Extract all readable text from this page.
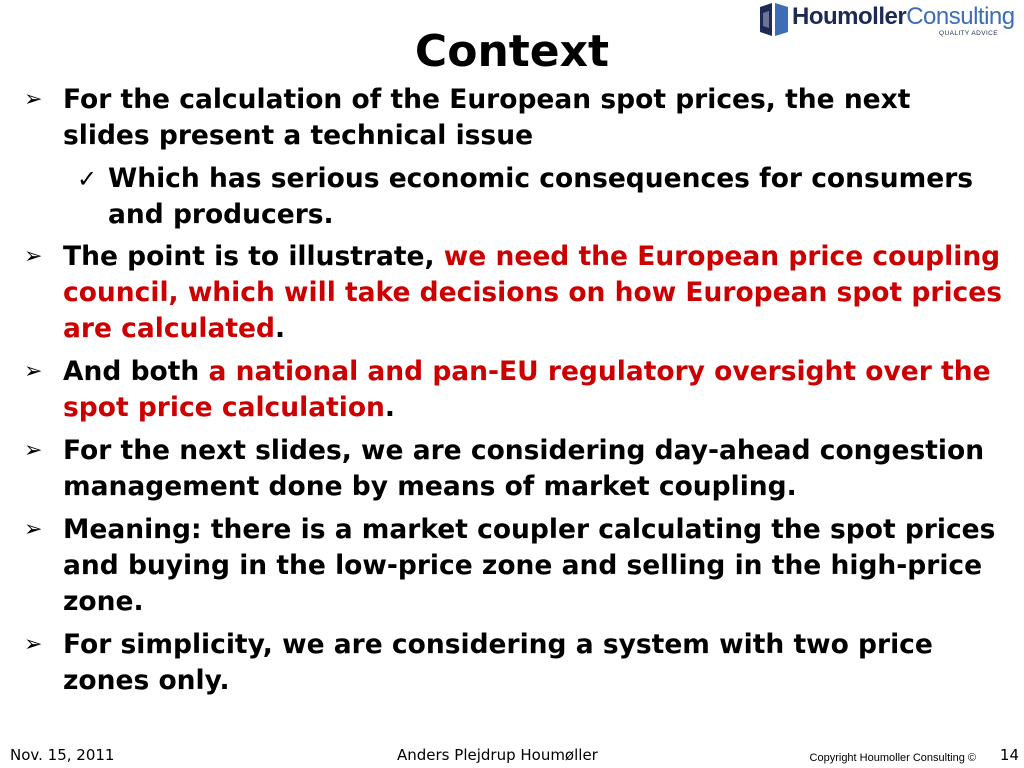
HoumollerConsulting
QUALITY ADVICE
Context
➢ For the calculation of the European spot prices, the next slides present a technical issue
✓ Which has serious economic consequences for consumers and producers.
➢ The point is to illustrate, we need the European price coupling council, which will take decisions on how European spot prices are calculated.
➢ And both a national and pan-EU regulatory oversight over the spot price calculation.
➢ For the next slides, we are considering day-ahead congestion management done by means of market coupling.
➢ Meaning: there is a market coupler calculating the spot prices and buying in the low-price zone and selling in the high-price zone.
➢ For simplicity, we are considering a system with two price zones only.
Nov. 15, 2011	Anders Plejdrup Houmøller	Copyright Houmoller Consulting © 14
